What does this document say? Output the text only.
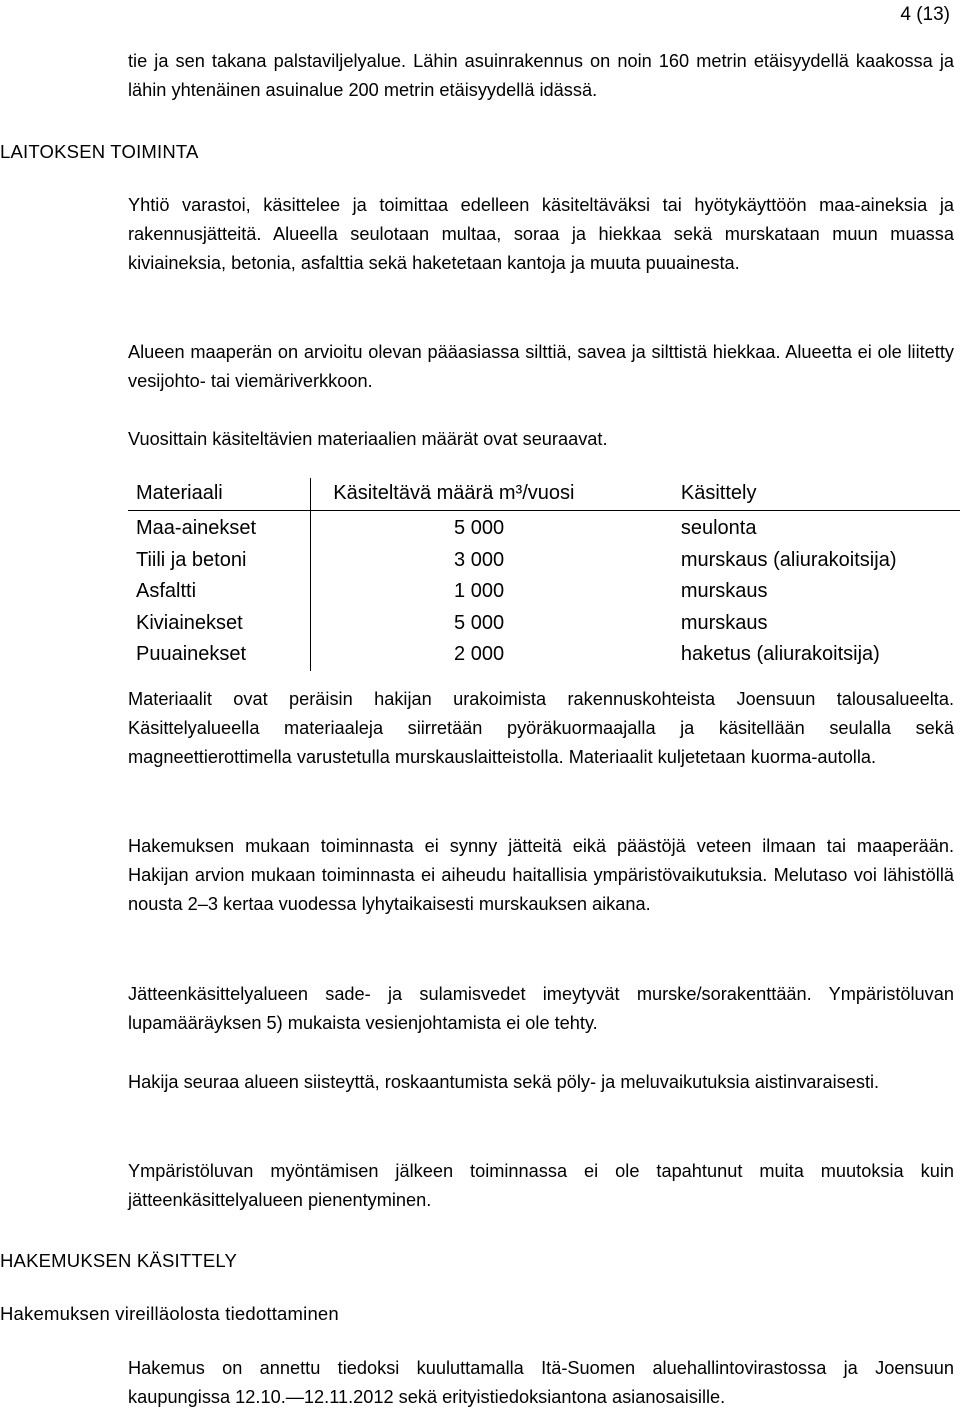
4 (13)

tie ja sen takana palstaviljelyalue. Lähin asuinrakennus on noin 160 metrin etäisyydellä kaakossa ja lähin yhtenäinen asuinalue 200 metrin etäisyydellä idässä.

LAITOKSEN TOIMINTA

Yhtiö varastoi, käsittelee ja toimittaa edelleen käsiteltäväksi tai hyötykäyttöön maa-aineksia ja rakennusjätteitä. Alueella seulotaan multaa, soraa ja hiekkaa sekä murskataan muun muassa kiviaineksia, betonia, asfalttia sekä haketetaan kantoja ja muuta puuainesta.

Alueen maaperän on arvioitu olevan pääasiassa silttiä, savea ja silttistä hiekkaa. Alueetta ei ole liitetty vesijohto- tai viemäriverkkoon.

Vuosittain käsiteltävien materiaalien määrät ovat seuraavat.

Materiaali	Käsiteltävä määrä m³/vuosi	Käsittely
Maa-ainekset	5 000	seulonta
Tiili ja betoni	3 000	murskaus (aliurakoitsija)
Asfaltti	1 000	murskaus
Kiviainekset	5 000	murskaus
Puuainekset	2 000	haketus (aliurakoitsija)

Materiaalit ovat peräisin hakijan urakoimista rakennuskohteista Joensuun talousalueelta. Käsittelyalueella materiaaleja siirretään pyöräkuormaajalla ja käsitellään seulalla sekä magneettierottimella varustetulla murskauslaitteistolla. Materiaalit kuljetetaan kuorma-autolla.

Hakemuksen mukaan toiminnasta ei synny jätteitä eikä päästöjä veteen ilmaan tai maaperään. Hakijan arvion mukaan toiminnasta ei aiheudu haitallisia ympäristövaikutuksia. Melutaso voi lähistöllä nousta 2–3 kertaa vuodessa lyhytaikaisesti murskauksen aikana.

Jätteenkäsittelyalueen sade- ja sulamisvedet imeytyvät murske/sorakenttään. Ympäristöluvan lupamääräyksen 5) mukaista vesienjohtamista ei ole tehty.

Hakija seuraa alueen siisteyttä, roskaantumista sekä pöly- ja meluvaikutuksia aistinvaraisesti.

Ympäristöluvan myöntämisen jälkeen toiminnassa ei ole tapahtunut muita muutoksia kuin jätteenkäsittelyalueen pienentyminen.

HAKEMUKSEN KÄSITTELY
Hakemuksen vireilläolosta tiedottaminen

Hakemus on annettu tiedoksi kuuluttamalla Itä-Suomen aluehallintovirastossa ja Joensuun kaupungissa 12.10.—12.11.2012 sekä erityistiedoksiantona asianosaisille.
